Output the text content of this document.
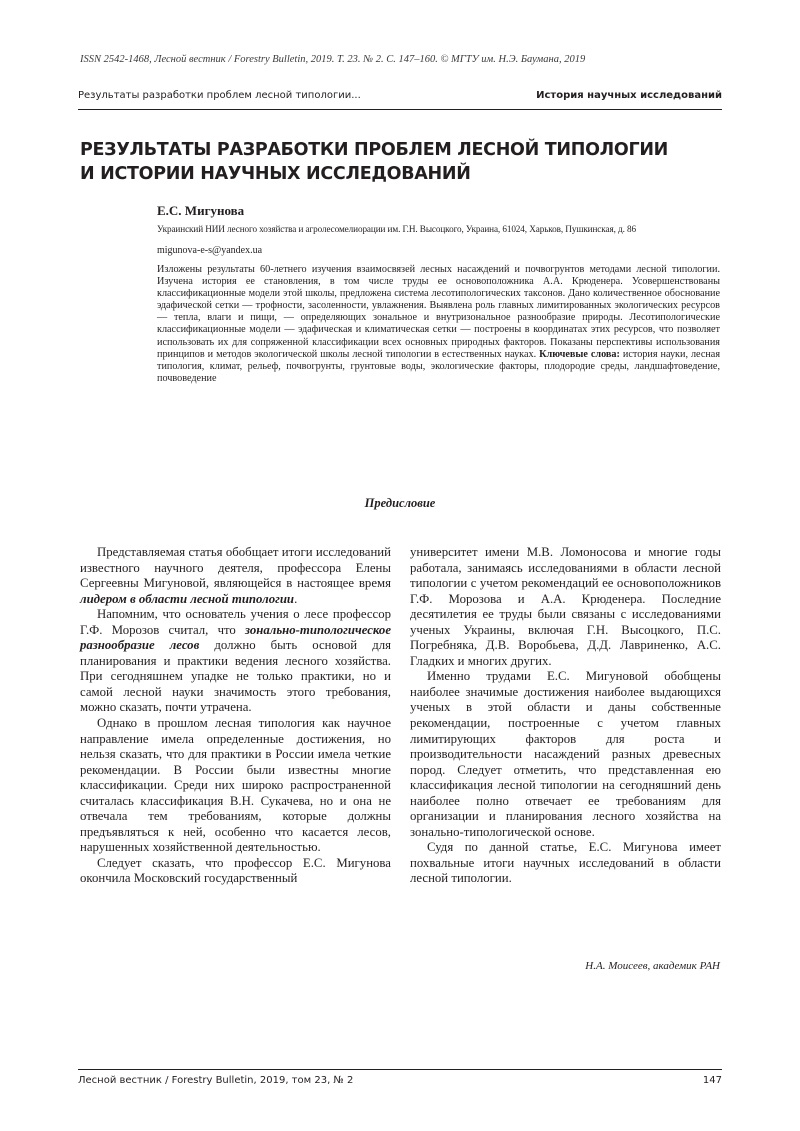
ISSN 2542-1468, Лесной вестник / Forestry Bulletin, 2019. Т. 23. № 2. С. 147–160. © МГТУ им. Н.Э. Баумана, 2019
Результаты разработки проблем лесной типологии...	История научных исследований
РЕЗУЛЬТАТЫ РАЗРАБОТКИ ПРОБЛЕМ ЛЕСНОЙ ТИПОЛОГИИ
И ИСТОРИИ НАУЧНЫХ ИССЛЕДОВАНИЙ
Е.С. Мигунова
Украинский НИИ лесного хозяйства и агролесомелиорации им. Г.Н. Высоцкого, Украина, 61024, Харьков, Пушкинская, д. 86
migunova-e-s@yandex.ua

Изложены результаты 60-летнего изучения взаимосвязей лесных насаждений и почвогрунтов методами лесной типологии. Изучена история ее становления, в том числе труды ее основоположника А.А. Крюденера. Усовершенствованы классификационные модели этой школы, предложена система лесотипологических таксонов. Дано количественное обоснование эдафической сетки — трофности, засоленности, увлажнения. Выявлена роль главных лимитированных экологических ресурсов — тепла, влаги и пищи, — определяющих зональное и внутризональное разнообразие природы. Лесотипологические классификационные модели — эдафическая и климатическая сетки — построены в координатах этих ресурсов, что позволяет использовать их для сопряженной классификации всех основных природных факторов. Показаны перспективы использования принципов и методов экологической школы лесной типологии в естественных науках. Ключевые слова: история науки, лесная типология, климат, рельеф, почвогрунты, грунтовые воды, экологические факторы, плодородие среды, ландшафтоведение, почвоведение

Предисловие

Представляемая статья обобщает итоги исследований известного научного деятеля, профессора Елены Сергеевны Мигуновой, являющейся в настоящее время лидером в области лесной типологии.

Напомним, что основатель учения о лесе профессор Г.Ф. Морозов считал, что зонально-типологическое разнообразие лесов должно быть основой для планирования и практики ведения лесного хозяйства. При сегодняшнем упадке не только практики, но и самой лесной науки значимость этого требования, можно сказать, почти утрачена.

Однако в прошлом лесная типология как научное направление имела определенные достижения, но нельзя сказать, что для практики в России имела четкие рекомендации. В России были известны многие классификации. Среди них широко распространенной считалась классификация В.Н. Сукачева, но и она не отвечала тем требованиям, которые должны предъявляться к ней, особенно что касается лесов, нарушенных хозяйственной деятельностью.

Следует сказать, что профессор Е.С. Мигунова окончила Московский государственный

университет имени М.В. Ломоносова и многие годы работала, занимаясь исследованиями в области лесной типологии с учетом рекомендаций ее основоположников Г.Ф. Морозова и А.А. Крюденера. Последние десятилетия ее труды были связаны с исследованиями ученых Украины, включая Г.Н. Высоцкого, П.С. Погребняка, Д.В. Воробьева, Д.Д. Лавриненко, А.С. Гладких и многих других.

Именно трудами Е.С. Мигуновой обобщены наиболее значимые достижения наиболее выдающихся ученых в этой области и даны собственные рекомендации, построенные с учетом главных лимитирующих факторов для роста и производительности насаждений разных древесных пород. Следует отметить, что представленная ею классификация лесной типологии на сегодняшний день наиболее полно отвечает ее требованиям для организации и планирования лесного хозяйства на зонально-типологической основе.

Судя по данной статье, Е.С. Мигунова имеет похвальные итоги научных исследований в области лесной типологии.

Н.А. Моисеев, академик РАН
Лесной вестник / Forestry Bulletin, 2019, том 23, № 2	147
